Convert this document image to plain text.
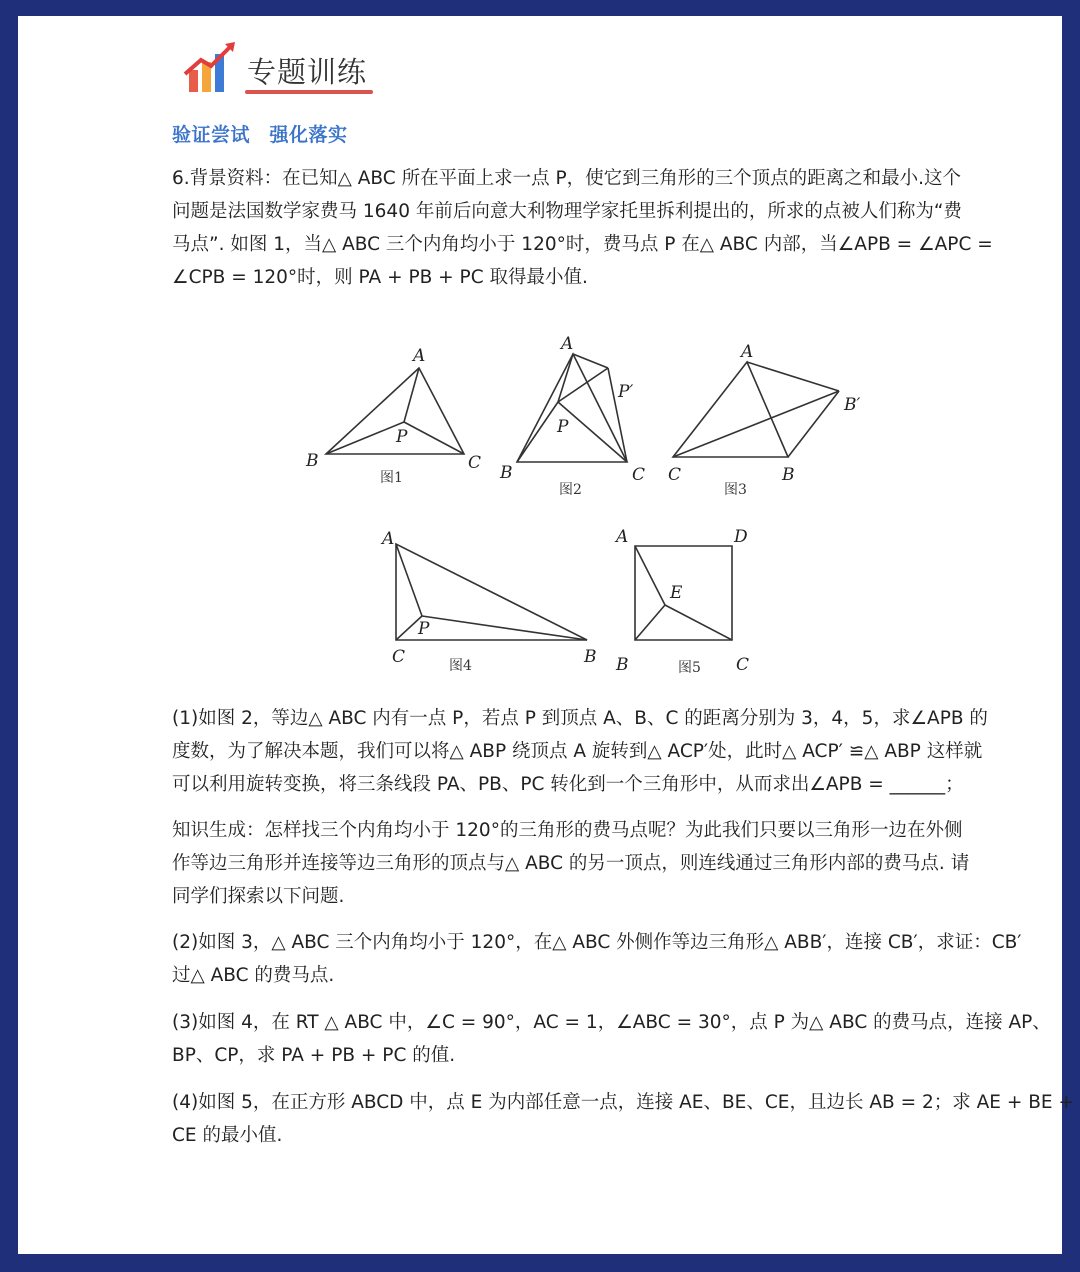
专题训练
验证尝试　强化落实
6.背景资料：在已知△ ABC 所在平面上求一点 P，使它到三角形的三个顶点的距离之和最小.这个
问题是法国数学家费马 1640 年前后向意大利物理学家托里拆利提出的，所求的点被人们称为“费
马点”. 如图 1，当△ ABC 三个内角均小于 120°时，费马点 P 在△ ABC 内部，当∠APB = ∠APC =
∠CPB = 120°时，则 PA + PB + PC 取得最小值.
A
B	C
P
图1
A
B	C
P
P′
图2
A
C	B
B′
图3
A
C	B
P
图4
A	D
B	C
E
图5
(1)如图 2，等边△ ABC 内有一点 P，若点 P 到顶点 A、B、C 的距离分别为 3，4，5，求∠APB 的
度数，为了解决本题，我们可以将△ ABP 绕顶点 A 旋转到△ ACP′处，此时△ ACP′ ≌△ ABP 这样就
可以利用旋转变换，将三条线段 PA、PB、PC 转化到一个三角形中，从而求出∠APB = ______；
知识生成：怎样找三个内角均小于 120°的三角形的费马点呢？为此我们只要以三角形一边在外侧
作等边三角形并连接等边三角形的顶点与△ ABC 的另一顶点，则连线通过三角形内部的费马点. 请
同学们探索以下问题.
(2)如图 3，△ ABC 三个内角均小于 120°，在△ ABC 外侧作等边三角形△ ABB′，连接 CB′，求证：CB′
过△ ABC 的费马点.
(3)如图 4，在 RT △ ABC 中，∠C = 90°，AC = 1，∠ABC = 30°，点 P 为△ ABC 的费马点，连接 AP、
BP、CP，求 PA + PB + PC 的值.
(4)如图 5，在正方形 ABCD 中，点 E 为内部任意一点，连接 AE、BE、CE，且边长 AB = 2；求 AE + BE +
CE 的最小值.
